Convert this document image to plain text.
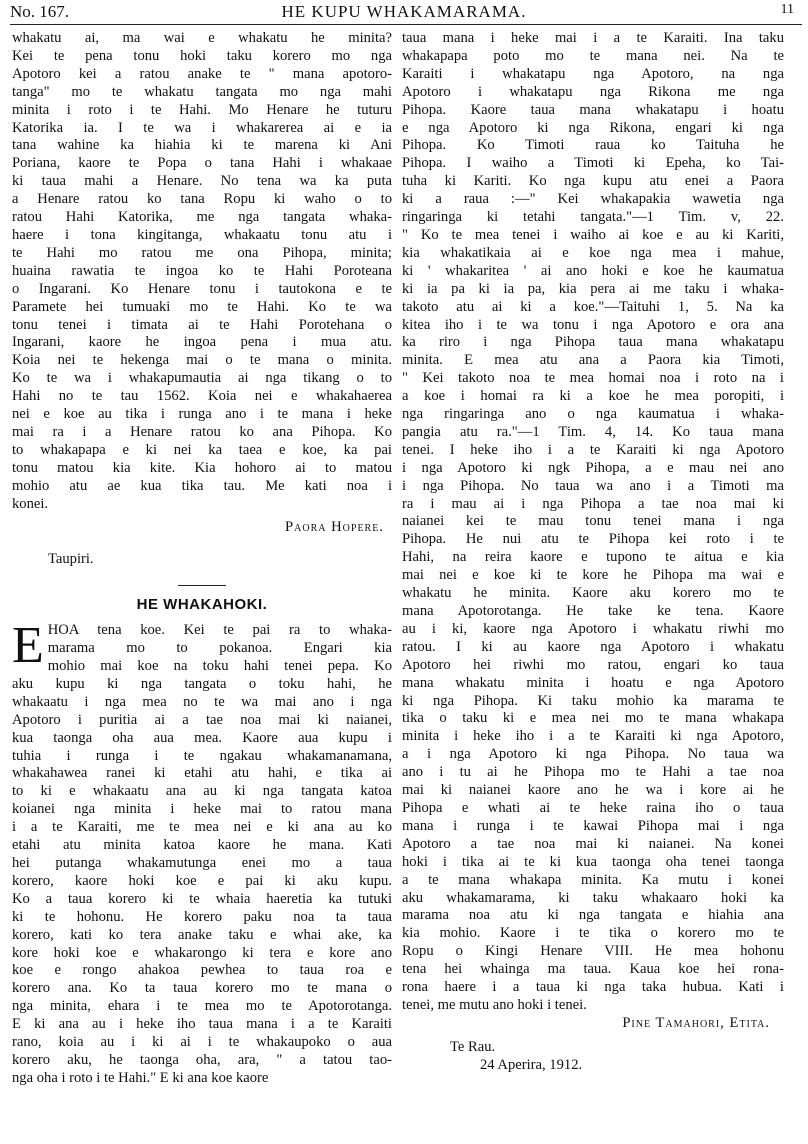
No. 167.	HE KUPU WHAKAMARAMA.	11
whakatu ai, ma wai e whakatu he minita?
Kei te pena tonu hoki taku korero mo nga
Apotoro kei a ratou anake te " mana apotoro-
tanga" mo te whakatu tangata mo nga mahi
minita i roto i te Hahi. Mo Henare he tuturu
Katorika ia. I te wa i whakarerea ai e ia
tana wahine ka hiahia ki te marena ki Ani
Poriana, kaore te Popa o tana Hahi i whakaae
ki taua mahi a Henare. No tena wa ka puta
a Henare ratou ko tana Ropu ki waho o to
ratou Hahi Katorika, me nga tangata whaka-
haere i tona kingitanga, whakaatu tonu atu i
te Hahi mo ratou me ona Pihopa, minita;
huaina rawatia te ingoa ko te Hahi Poroteana
o Ingarani. Ko Henare tonu i tautokona e te
Paramete hei tumuaki mo te Hahi. Ko te wa
tonu tenei i timata ai te Hahi Porotehana o
Ingarani, kaore he ingoa pena i mua atu.
Koia nei te hekenga mai o te mana o minita.
Ko te wa i whakapumautia ai nga tikang o to
Hahi no te tau 1562. Koia nei e whakahaerea
nei e koe au tika i runga ano i te mana i heke
mai ra i a Henare ratou ko ana Pihopa. Ko
to whakapapa e ki nei ka taea e koe, ka pai
tonu matou kia kite. Kia hohoro ai to matou
mohio atu ae kua tika tau. Me kati noa i
konei.

Paora Hopere.

Taupiri.

HE WHAKAHOKI.

E HOA tena koe. Kei te pai ra to whaka-
marama mo to pokanoa. Engari kia
mohio mai koe na toku hahi tenei pepa. Ko
aku kupu ki nga tangata o toku hahi, he
whakaatu i nga mea no te wa mai ano i nga
Apotoro i puritia ai a tae noa mai ki naianei,
kua taonga oha aua mea. Kaore aua kupu i
tuhia i runga i te ngakau whakamanamana,
whakahawea ranei ki etahi atu hahi, e tika ai
to ki e whakaatu ana au ki nga tangata katoa
koianei nga minita i heke mai to ratou mana
i a te Karaiti, me te mea nei e ki ana au ko
etahi atu minita katoa kaore he mana. Kati
hei putanga whakamutunga enei mo a taua
korero, kaore hoki koe e pai ki aku kupu.
Ko a taua korero ki te whaia haeretia ka tutuki
ki te hohonu. He korero paku noa ta taua
korero, kati ko tera anake taku e whai ake, ka
kore hoki koe e whakarongo ki tera e kore ano
koe e rongo ahakoa pewhea to taua roa e
korero ana. Ko ta taua korero mo te mana o
nga minita, ehara i te mea mo te Apotorotanga.
E ki ana au i heke iho taua mana i a te Karaiti
rano, koia au i ki ai i te whakaupoko o aua
korero aku, he taonga oha, ara, " a tatou tao-
nga oha i roto i te Hahi." E ki ana koe kaore
taua mana i heke mai i a te Karaiti. Ina taku
whakapapa poto mo te mana nei. Na te
Karaiti i whakatapu nga Apotoro, na nga
Apotoro i whakatapu nga Rikona me nga
Pihopa. Kaore taua mana whakatapu i hoatu
e nga Apotoro ki nga Rikona, engari ki nga
Pihopa. Ko Timoti raua ko Taituha he
Pihopa. I waiho a Timoti ki Epeha, ko Tai-
tuha ki Kariti. Ko nga kupu atu enei a Paora
ki a raua :—" Kei whakapakia wawetia nga
ringaringa ki tetahi tangata."—1 Tim. v, 22.
" Ko te mea tenei i waiho ai koe e au ki Kariti,
kia whakatikaia ai e koe nga mea i mahue,
ki ' whakaritea ' ai ano hoki e koe he kaumatua
ki ia pa ki ia pa, kia pera ai me taku i whaka-
takoto atu ai ki a koe."—Taituhi 1, 5. Na ka
kitea iho i te wa tonu i nga Apotoro e ora ana
ka riro i nga Pihopa taua mana whakatapu
minita. E mea atu ana a Paora kia Timoti,
" Kei takoto noa te mea homai noa i roto na i
a koe i homai ra ki a koe he mea poropiti, i
nga ringaringa ano o nga kaumatua i whaka-
pangia atu ra."—1 Tim. 4, 14. Ko taua mana
tenei. I heke iho i a te Karaiti ki nga Apotoro
i nga Apotoro ki ngk Pihopa, a e mau nei ano
i nga Pihopa. No taua wa ano i a Timoti ma
ra i mau ai i nga Pihopa a tae noa mai ki
naianei kei te mau tonu tenei mana i nga
Pihopa. He nui atu te Pihopa kei roto i te
Hahi, na reira kaore e tupono te aitua e kia
mai nei e koe ki te kore he Pihopa ma wai e
whakatu he minita. Kaore aku korero mo te
mana Apotorotanga. He take ke tena. Kaore
au i ki, kaore nga Apotoro i whakatu riwhi mo
ratou. I ki au kaore nga Apotoro i whakatu
Apotoro hei riwhi mo ratou, engari ko taua
mana whakatu minita i hoatu e nga Apotoro
ki nga Pihopa. Ki taku mohio ka marama te
tika o taku ki e mea nei mo te mana whakapa
minita i heke iho i a te Karaiti ki nga Apotoro,
a i nga Apotoro ki nga Pihopa. No taua wa
ano i tu ai he Pihopa mo te Hahi a tae noa
mai ki naianei kaore ano he wa i kore ai he
Pihopa e whati ai te heke raina iho o taua
mana i runga i te kawai Pihopa mai i nga
Apotoro a tae noa mai ki naianei. Na konei
hoki i tika ai te ki kua taonga oha tenei taonga
a te mana whakapa minita. Ka mutu i konei
aku whakamarama, ki taku whakaaro hoki ka
marama noa atu ki nga tangata e hiahia ana
kia mohio. Kaore i te tika o korero mo te
Ropu o Kingi Henare VIII. He mea hohonu
tena hei whainga ma taua. Kaua koe hei rona-
rona haere i a taua ki nga taka hubua. Kati i
tenei, me mutu ano hoki i tenei.

Pine Tamahori, Etita.

Te Rau.

24 Aperira, 1912.
